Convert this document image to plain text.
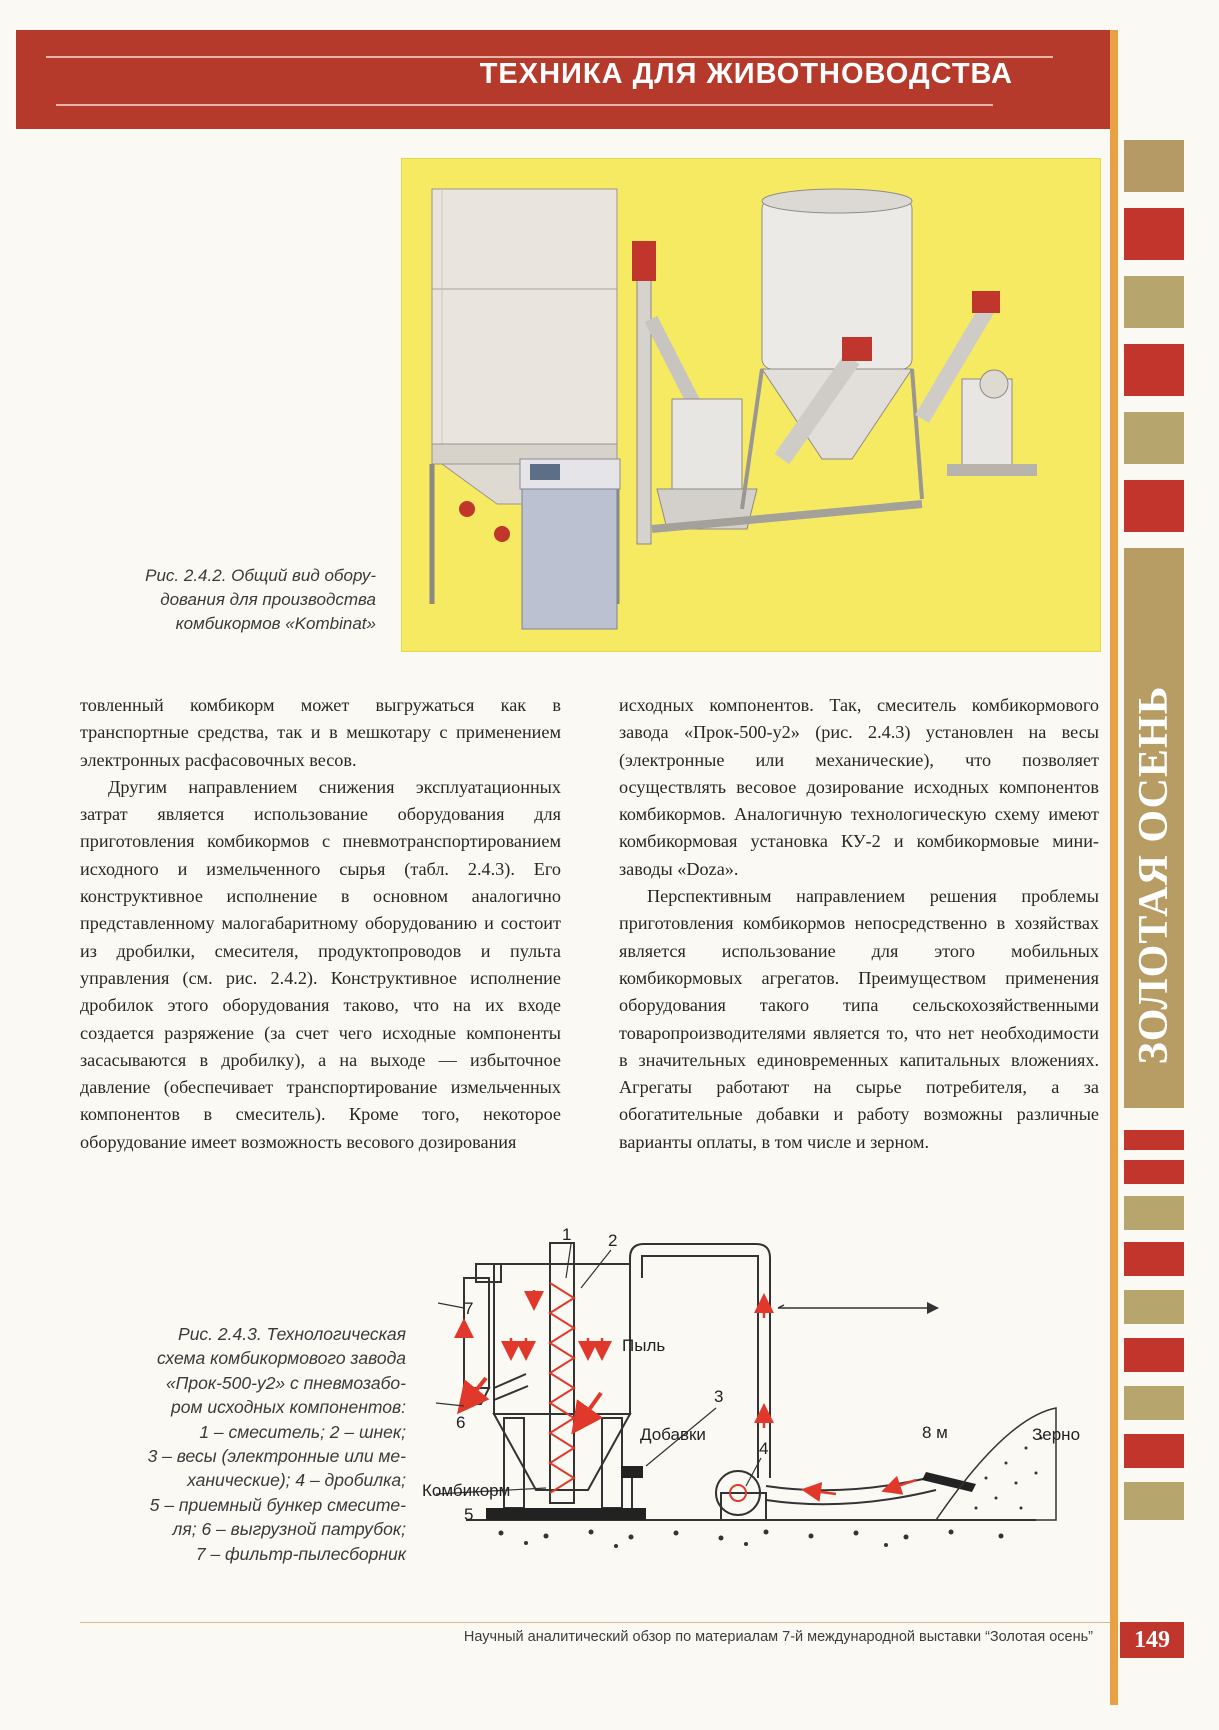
ТЕХНИКА ДЛЯ ЖИВОТНОВОДСТВА
ЗОЛОТАЯ ОСЕНЬ
Рис. 2.4.2. Общий вид обору-
дования для производства
комбикормов «Kombinat»

товленный комбикорм может выгружаться как в транспортные средства, так и в мешкотару с применением электронных расфасовочных весов.

Другим направлением снижения эксплуатационных затрат является использование оборудования для приготовления комбикормов с пневмотранспортированием исходного и измельченного сырья (табл. 2.4.3). Его конструктивное исполнение в основном аналогично представленному малогабаритному оборудованию и состоит из дробилки, смесителя, продуктопроводов и пульта управления (см. рис. 2.4.2). Конструктивное исполнение дробилок этого оборудования таково, что на их входе создается разряжение (за счет чего исходные компоненты засасываются в дробилку), а на выходе — избыточное давление (обеспечивает транспортирование измельченных компонентов в смеситель). Кроме того, некоторое оборудование имеет возможность весового дозирования

исходных компонентов. Так, смеситель комбикормового завода «Прок-500-у2» (рис. 2.4.3) установлен на весы (электронные или механические), что позволяет осуществлять весовое дозирование исходных компонентов комбикормов. Аналогичную технологическую схему имеют комбикормовая установка КУ-2 и комбикормовые мини-заводы «Doza».

Перспективным направлением решения проблемы приготовления комбикормов непосредственно в хозяйствах является использование для этого мобильных комбикормовых агрегатов. Преимуществом применения оборудования такого типа сельскохозяйственными товаропроизводителями является то, что нет необходимости в значительных единовременных капитальных вложениях. Агрегаты работают на сырье потребителя, а за обогатительные добавки и работу возможны различные варианты оплаты, в том числе и зерном.

Рис. 2.4.3. Технологическая
схема комбикормового завода
«Прок-500-у2» с пневмозабо-
ром исходных компонентов:
1 – смеситель; 2 – шнек;
3 – весы (электронные или ме-
ханические); 4 – дробилка;
5 – приемный бункер смесите-
ля; 6 – выгрузной патрубок;
7 – фильтр-пылесборник
1 2
3
4
5
6
7
Пыль
Добавки
Комбикорм
8 м	Зерно
Научный аналитический обзор по материалам 7-й международной выставки “Золотая осень”	149
